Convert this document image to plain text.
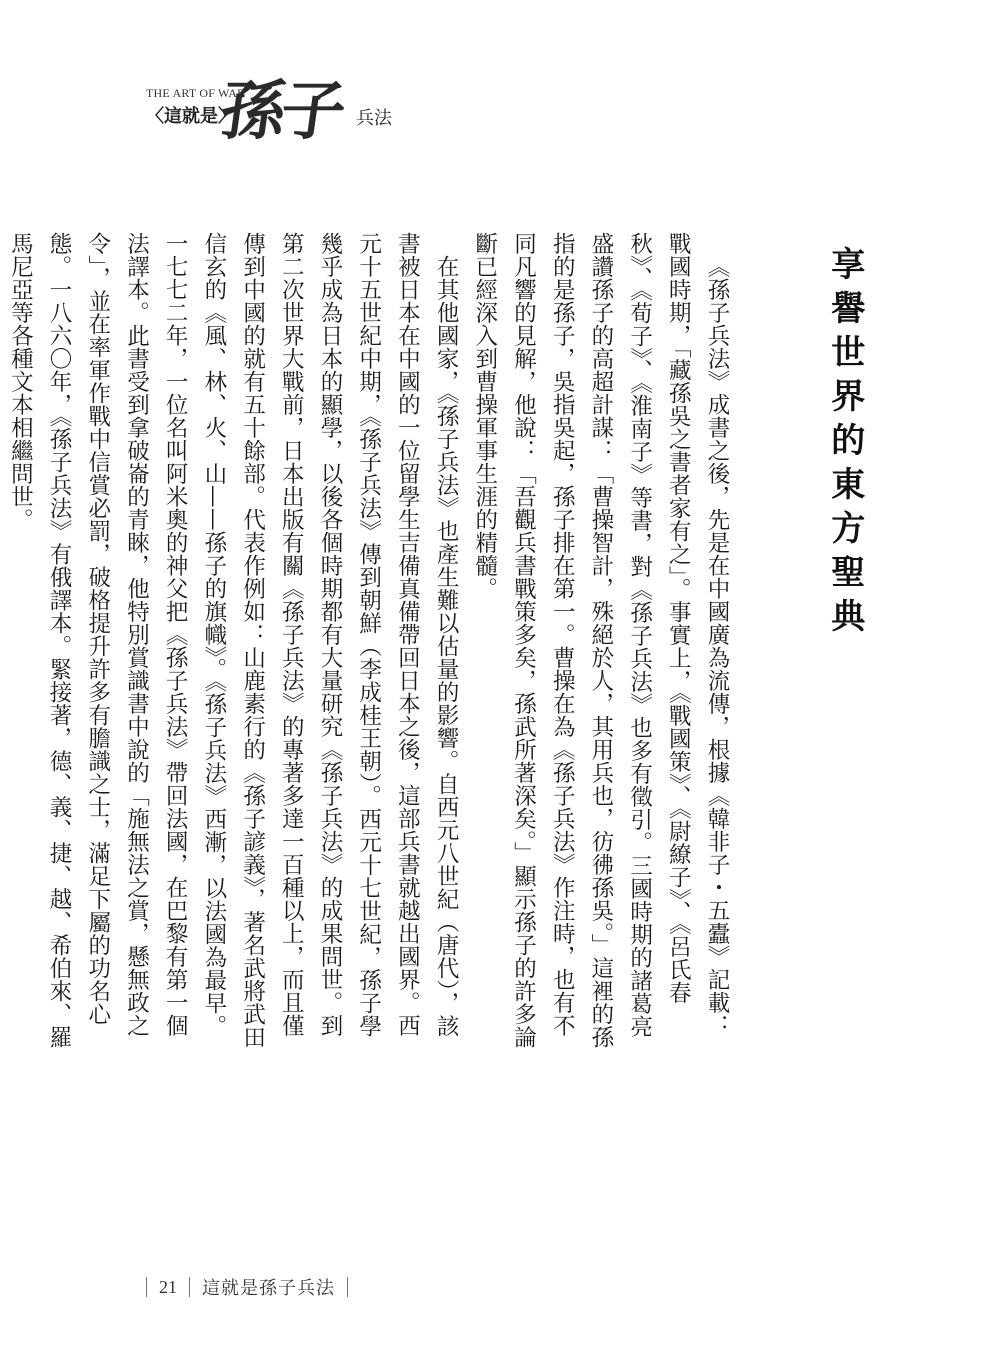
THE ART OF WAR
〈這就是〉
孫子 兵法
享譽世界的東方聖典

《孫子兵法》成書之後，先是在中國廣為流傳，根據《韓非子・五蠹》記載：戰國時期，「藏孫吳之書者家有之」。事實上，《戰國策》、《尉繚子》、《呂氏春秋》、《荀子》、《淮南子》等書，對《孫子兵法》也多有徵引。三國時期的諸葛亮盛讚孫子的高超計謀：「曹操智計，殊絕於人，其用兵也，彷彿孫吳。」這裡的孫指的是孫子，吳指吳起，孫子排在第一。曹操在為《孫子兵法》作注時，也有不同凡響的見解，他說：「吾觀兵書戰策多矣，孫武所著深矣。」顯示孫子的許多論斷已經深入到曹操軍事生涯的精髓。

在其他國家，《孫子兵法》也產生難以估量的影響。自西元八世紀（唐代），該書被日本在中國的一位留學生吉備真備帶回日本之後，這部兵書就越出國界。西元十五世紀中期，《孫子兵法》傳到朝鮮（李成桂王朝）。西元十七世紀，孫子學幾乎成為日本的顯學，以後各個時期都有大量研究《孫子兵法》的成果問世。到第二次世界大戰前，日本出版有關《孫子兵法》的專著多達一百種以上，而且僅傳到中國的就有五十餘部。代表作例如：山鹿素行的《孫子諺義》，著名武將武田信玄的《風、林、火、山——孫子的旗幟》。《孫子兵法》西漸，以法國為最早。一七七二年，一位名叫阿米奧的神父把《孫子兵法》帶回法國，在巴黎有第一個法譯本。此書受到拿破崙的青睞，他特別賞識書中說的「施無法之賞，懸無政之令」，並在率軍作戰中信賞必罰，破格提升許多有膽識之士，滿足下屬的功名心態。一八六〇年，《孫子兵法》有俄譯本。緊接著，德、義、捷、越、希伯來、羅馬尼亞等各種文本相繼問世。

21	這就是孫子兵法
